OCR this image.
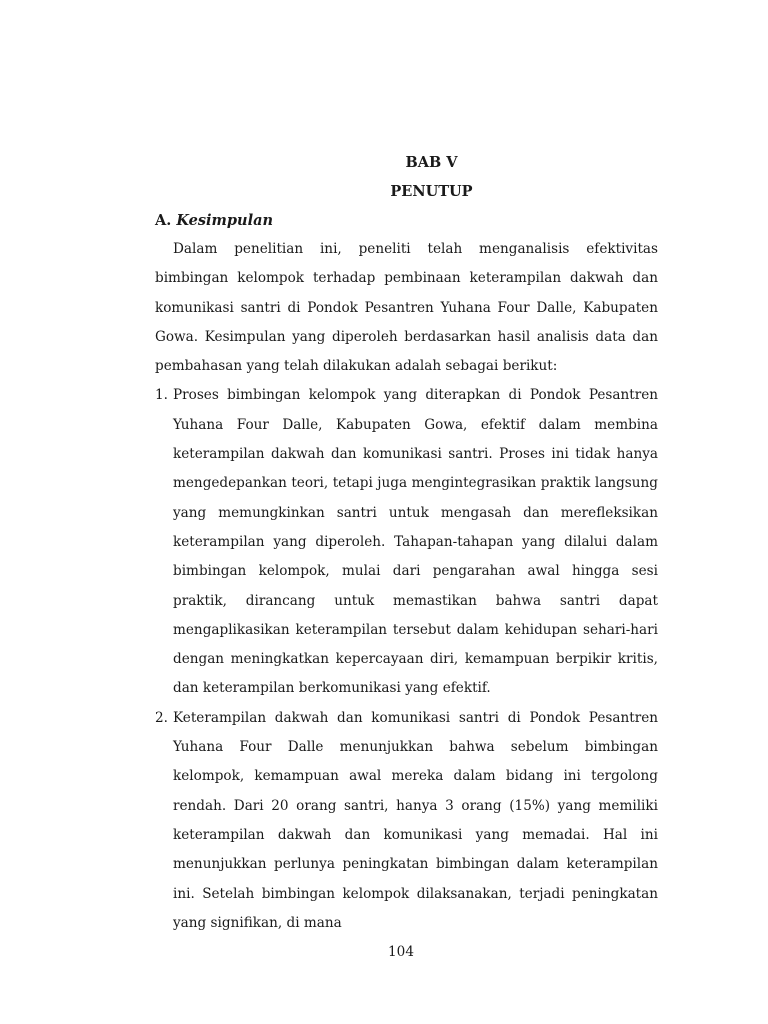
BAB V

PENUTUP

A. Kesimpulan

Dalam penelitian ini, peneliti telah menganalisis efektivitas bimbingan kelompok terhadap pembinaan keterampilan dakwah dan komunikasi santri di Pondok Pesantren Yuhana Four Dalle, Kabupaten Gowa. Kesimpulan yang diperoleh berdasarkan hasil analisis data dan pembahasan yang telah dilakukan adalah sebagai berikut:

1. Proses bimbingan kelompok yang diterapkan di Pondok Pesantren Yuhana Four Dalle, Kabupaten Gowa, efektif dalam membina keterampilan dakwah dan komunikasi santri. Proses ini tidak hanya mengedepankan teori, tetapi juga mengintegrasikan praktik langsung yang memungkinkan santri untuk mengasah dan merefleksikan keterampilan yang diperoleh. Tahapan-tahapan yang dilalui dalam bimbingan kelompok, mulai dari pengarahan awal hingga sesi praktik, dirancang untuk memastikan bahwa santri dapat mengaplikasikan keterampilan tersebut dalam kehidupan sehari-hari dengan meningkatkan kepercayaan diri, kemampuan berpikir kritis, dan keterampilan berkomunikasi yang efektif.
2. Keterampilan dakwah dan komunikasi santri di Pondok Pesantren Yuhana Four Dalle menunjukkan bahwa sebelum bimbingan kelompok, kemampuan awal mereka dalam bidang ini tergolong rendah. Dari 20 orang santri, hanya 3 orang (15%) yang memiliki keterampilan dakwah dan komunikasi yang memadai. Hal ini menunjukkan perlunya peningkatan bimbingan dalam keterampilan ini. Setelah bimbingan kelompok dilaksanakan, terjadi peningkatan yang signifikan, di mana
104
